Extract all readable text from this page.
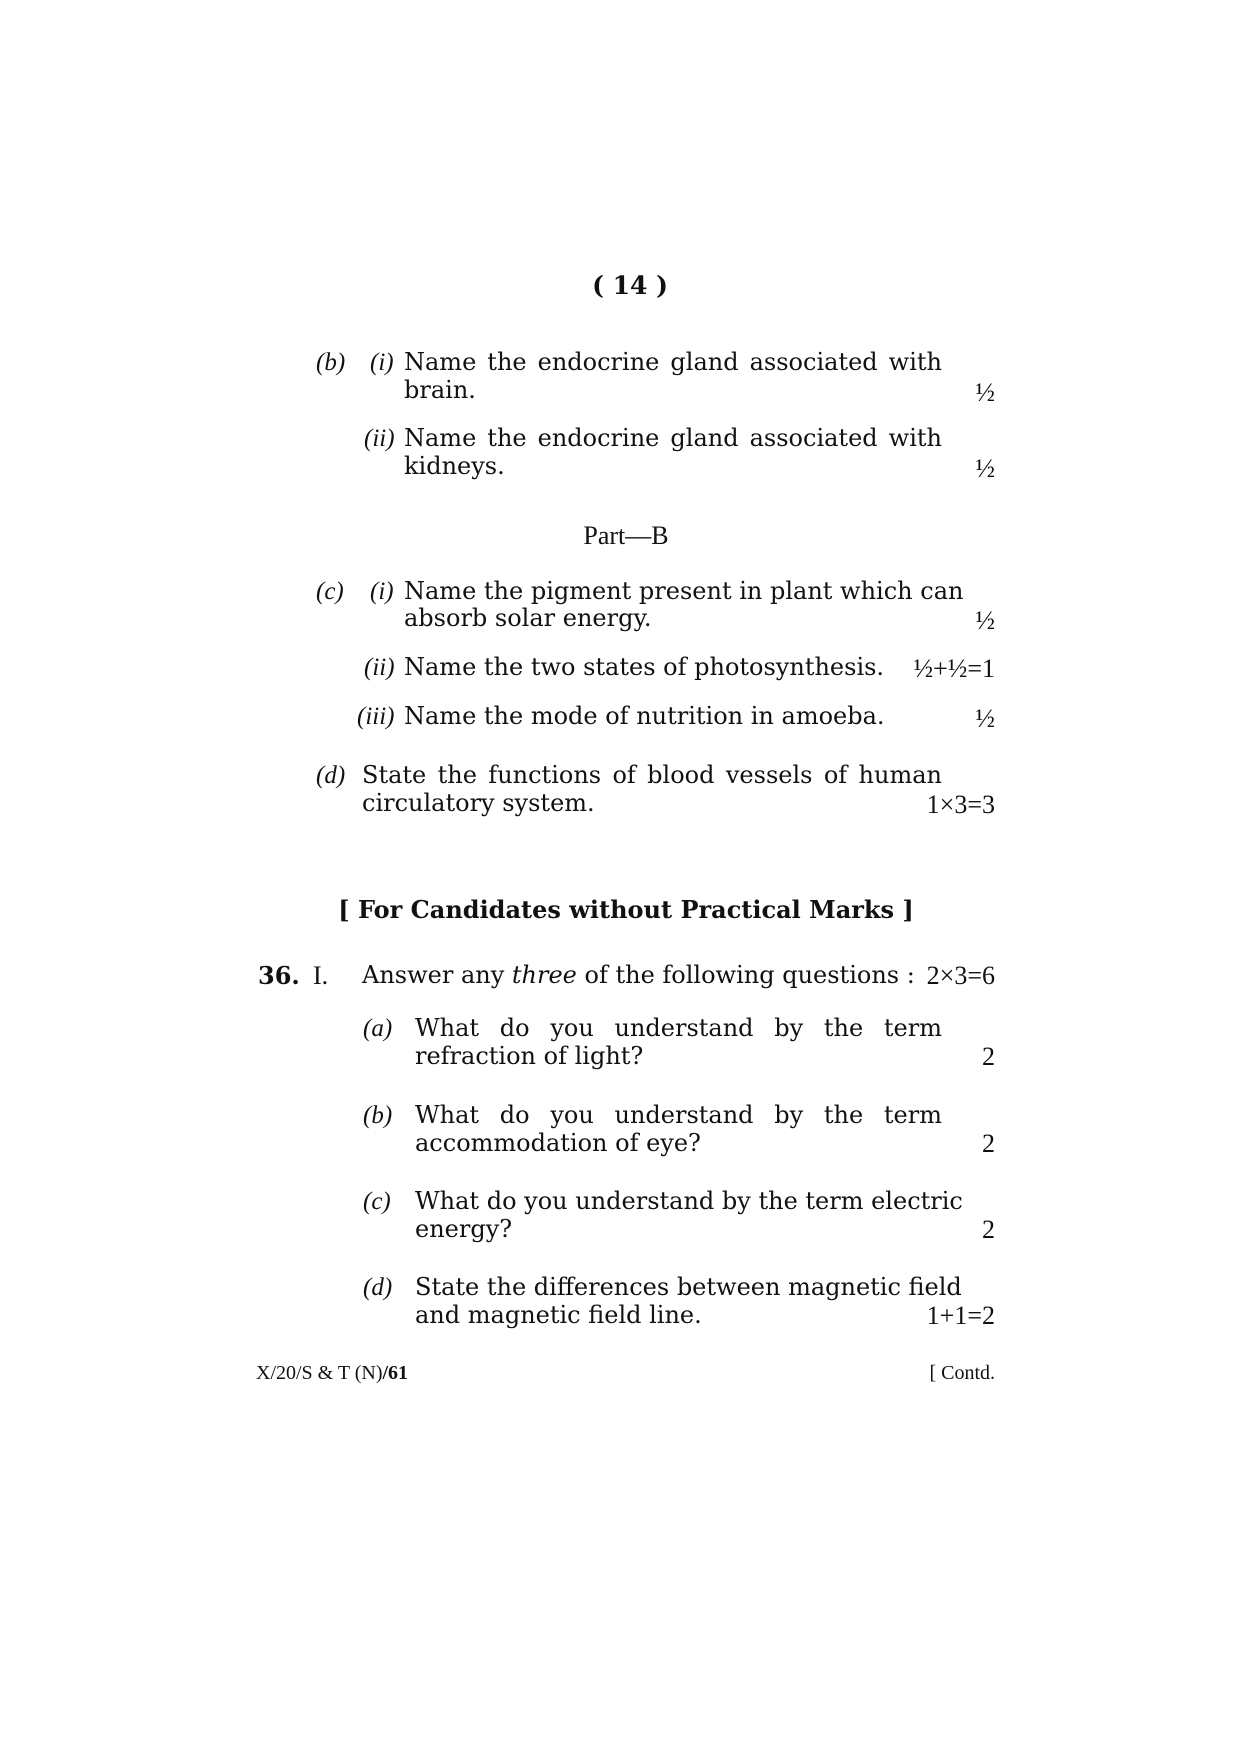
( 14 )
(b) (i) Name the endocrine gland associated with
brain.	½
(ii) Name the endocrine gland associated with
kidneys.	½
Part—B
(c) (i) Name the pigment present in plant which can
absorb solar energy.	½
(ii) Name the two states of photosynthesis.	½+½=1
(iii) Name the mode of nutrition in amoeba.	½
(d) State the functions of blood vessels of human
circulatory system.	1×3=3
[ For Candidates without Practical Marks ]
36. I. Answer any three of the following questions : 2×3=6
(a) What do you understand by the term
refraction of light?	2
(b) What do you understand by the term
accommodation of eye?	2
(c) What do you understand by the term electric
energy?	2
(d) State the differences between magnetic field
and magnetic field line.	1+1=2
X/20/S & T (N)/61	[ Contd.
